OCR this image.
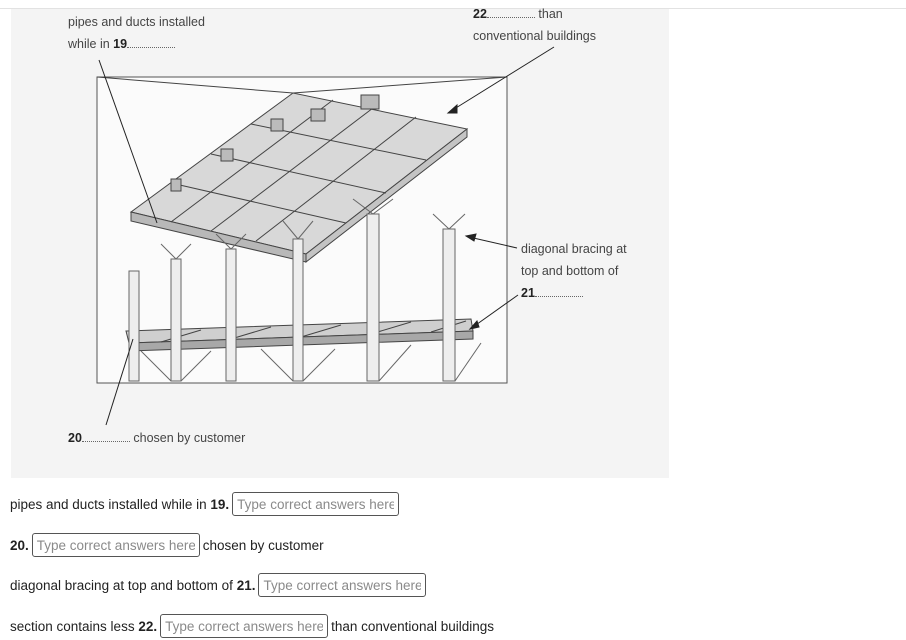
pipes and ducts installed
while in 19
22	than
conventional buildings
diagonal bracing at
top and bottom of
21
20	chosen by customer
pipes and ducts installed while in
19.
Type correct answers here.
20.
Type correct answers here.	chosen by customer
diagonal bracing at top and bottom of
21.
Type correct answers here.
section contains less
22.
Type correct answers here.	than conventional buildings
